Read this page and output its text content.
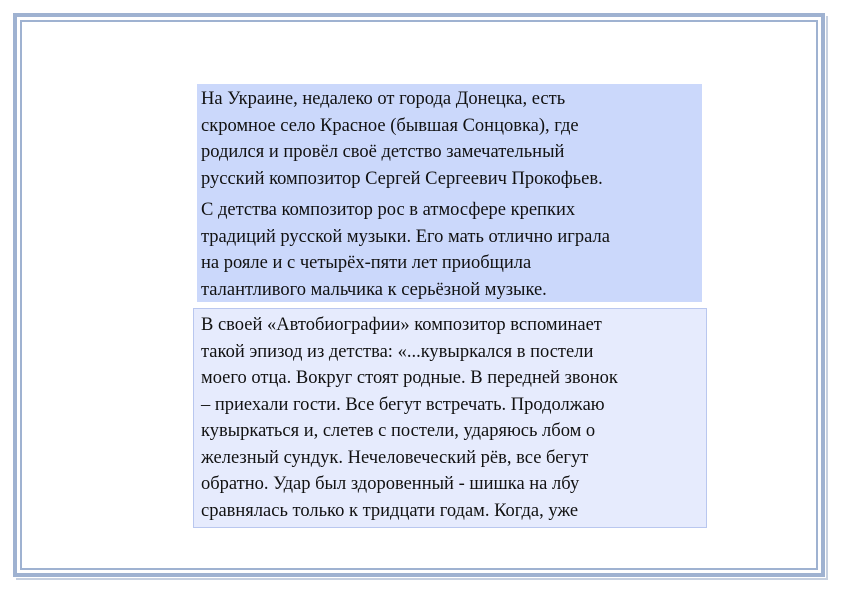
На Украине, недалеко от города Донецка, есть
скромное село Красное (бывшая Сонцовка), где
родился и провёл своё детство замечательный
русский композитор Сергей Сергеевич Прокофьев.

С детства композитор рос в атмосфере крепких
традиций русской музыки. Его мать отлично играла
на рояле и с четырёх-пяти лет приобщила
талантливого мальчика к серьёзной музыке.

В своей «Автобиографии» композитор вспоминает
такой эпизод из детства: «...кувыркался в постели
моего отца. Вокруг стоят родные. В передней звонок
– приехали гости. Все бегут встречать. Продолжаю
кувыркаться и, слетев с постели, ударяюсь лбом о
железный сундук. Нечеловеческий рёв, все бегут
обратно. Удар был здоровенный - шишка на лбу
сравнялась только к тридцати годам. Когда, уже
